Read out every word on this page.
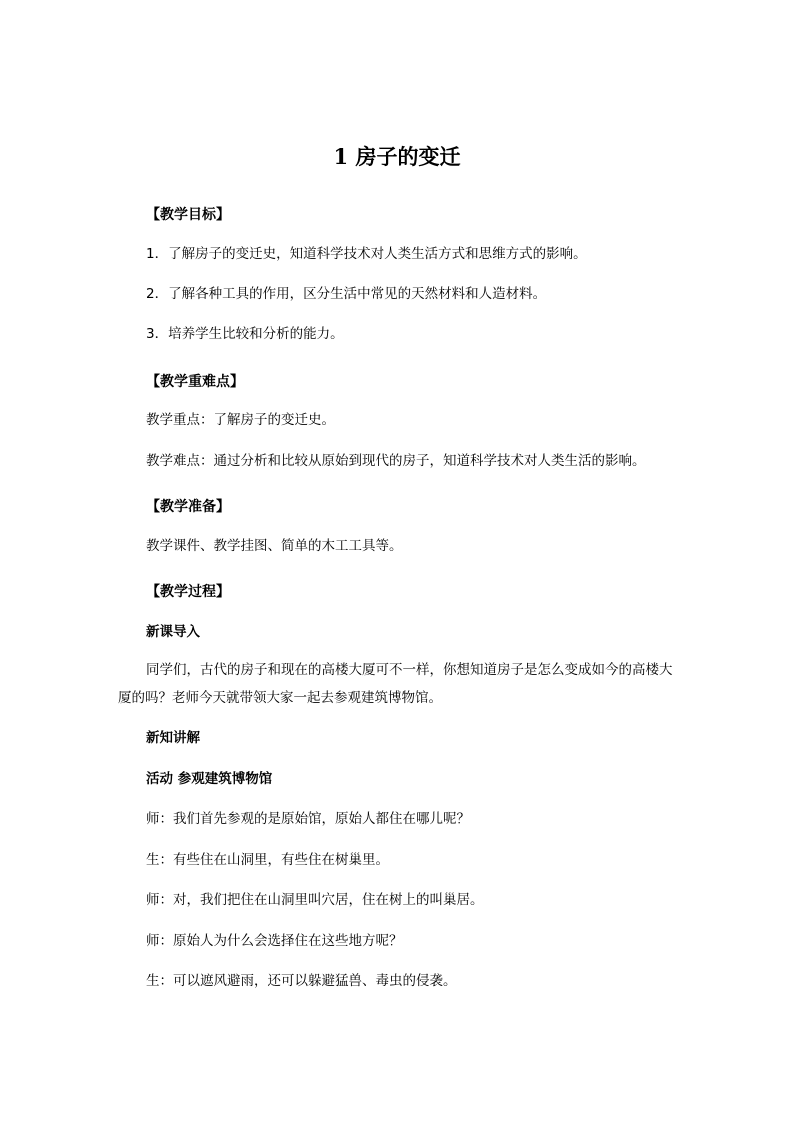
1 房子的变迁
【教学目标】
1．了解房子的变迁史，知道科学技术对人类生活方式和思维方式的影响。
2．了解各种工具的作用，区分生活中常见的天然材料和人造材料。
3．培养学生比较和分析的能力。
【教学重难点】
教学重点：了解房子的变迁史。
教学难点：通过分析和比较从原始到现代的房子，知道科学技术对人类生活的影响。
【教学准备】
教学课件、教学挂图、简单的木工工具等。
【教学过程】
新课导入
同学们，古代的房子和现在的高楼大厦可不一样，你想知道房子是怎么变成如今的高楼大厦的吗？老师今天就带领大家一起去参观建筑博物馆。
新知讲解
活动 参观建筑博物馆
师：我们首先参观的是原始馆，原始人都住在哪儿呢？
生：有些住在山洞里，有些住在树巢里。
师：对，我们把住在山洞里叫穴居，住在树上的叫巢居。
师：原始人为什么会选择住在这些地方呢？
生：可以遮风避雨，还可以躲避猛兽、毒虫的侵袭。
